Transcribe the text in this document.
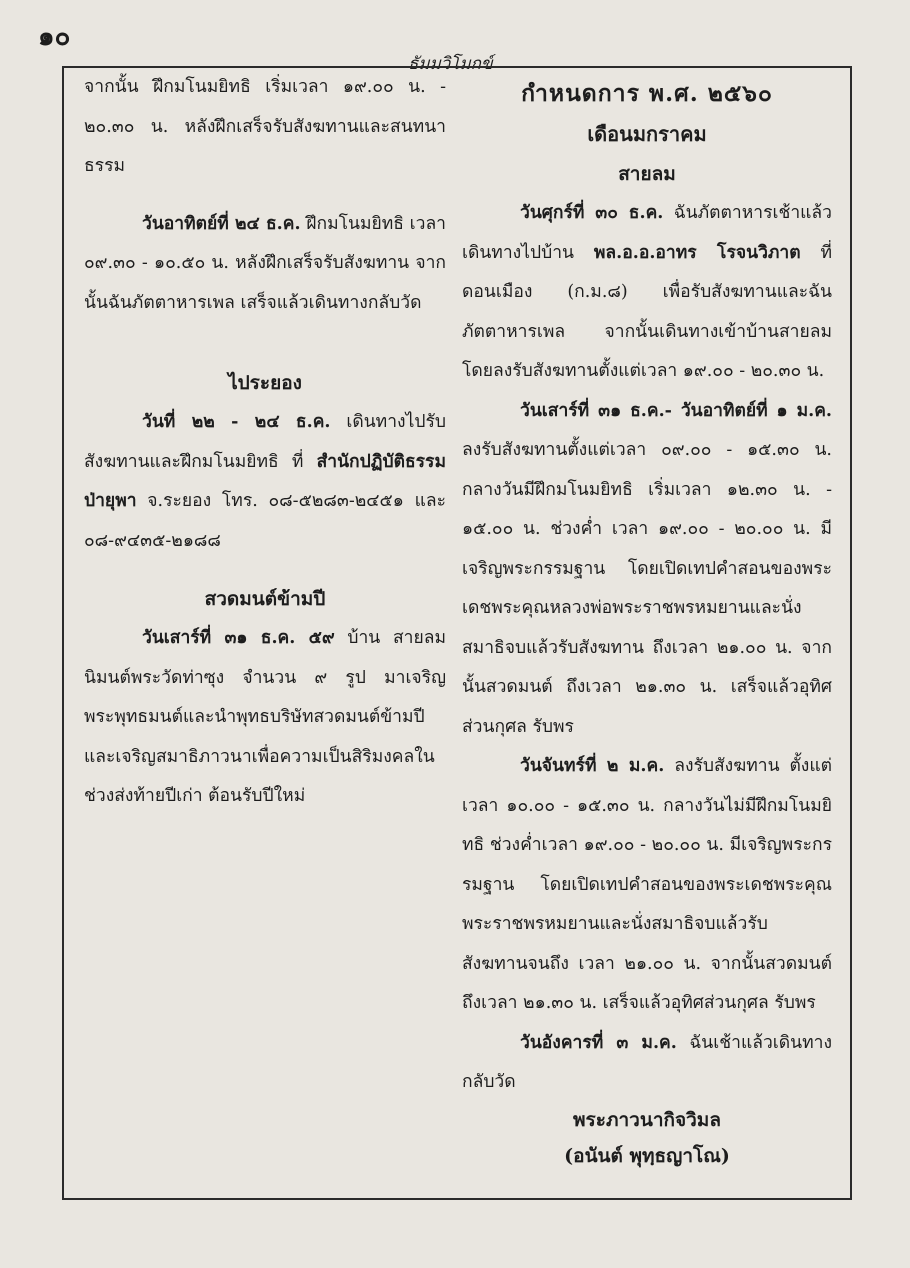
๑๐
ธัมมวิโมกข์

จากนั้น ฝึกมโนมยิทธิ เริ่มเวลา ๑๙.๐๐ น. - ๒๐.๓๐ น. หลังฝึกเสร็จรับสังฆทานและสนทนาธรรม

วันอาทิตย์ที่ ๒๔ ธ.ค. ฝึกมโนมยิทธิ เวลา ๐๙.๓๐ - ๑๐.๕๐ น. หลังฝึกเสร็จรับสังฆทาน จากนั้นฉันภัตตาหารเพล เสร็จแล้วเดินทางกลับวัด

ไประยอง

วันที่ ๒๒ - ๒๔ ธ.ค. เดินทางไปรับสังฆทานและฝึกมโนมยิทธิ ที่ สำนักปฏิบัติธรรมป่ายุพา จ.ระยอง โทร. ๐๘-๕๒๘๓-๒๔๕๑ และ ๐๘-๙๔๓๕-๒๑๘๘

สวดมนต์ข้ามปี

วันเสาร์ที่ ๓๑ ธ.ค. ๕๙ บ้าน สายลม นิมนต์พระวัดท่าซุง จำนวน ๙ รูป มาเจริญพระพุทธมนต์และนำพุทธบริษัทสวดมนต์ข้ามปี และเจริญสมาธิภาวนาเพื่อความเป็นสิริมงคลในช่วงส่งท้ายปีเก่า ต้อนรับปีใหม่

กำหนดการ พ.ศ. ๒๕๖๐

เดือนมกราคม

สายลม

วันศุกร์ที่ ๓๐ ธ.ค. ฉันภัตตาหารเช้าแล้ว เดินทางไปบ้าน พล.อ.อ.อาทร โรจนวิภาต ที่ดอนเมือง (ก.ม.๘) เพื่อรับสังฆทานและฉันภัตตาหารเพล จากนั้นเดินทางเข้าบ้านสายลม โดยลงรับสังฆทานตั้งแต่เวลา ๑๙.๐๐ - ๒๐.๓๐ น.

วันเสาร์ที่ ๓๑ ธ.ค.- วันอาทิตย์ที่ ๑ ม.ค. ลงรับสังฆทานตั้งแต่เวลา ๐๙.๐๐ - ๑๕.๓๐ น. กลางวันมีฝึกมโนมยิทธิ เริ่มเวลา ๑๒.๓๐ น. - ๑๕.๐๐ น. ช่วงค่ำ เวลา ๑๙.๐๐ - ๒๐.๐๐ น. มีเจริญพระกรรมฐาน โดยเปิดเทปคำสอนของพระเดชพระคุณหลวงพ่อพระราชพรหมยานและนั่งสมาธิจบแล้วรับสังฆทาน ถึงเวลา ๒๑.๐๐ น. จากนั้นสวดมนต์ ถึงเวลา ๒๑.๓๐ น. เสร็จแล้วอุทิศส่วนกุศล รับพร

วันจันทร์ที่ ๒ ม.ค. ลงรับสังฆทาน ตั้งแต่เวลา ๑๐.๐๐ - ๑๕.๓๐ น. กลางวันไม่มีฝึกมโนมยิทธิ ช่วงค่ำเวลา ๑๙.๐๐ - ๒๐.๐๐ น. มีเจริญพระกรรมฐาน โดยเปิดเทปคำสอนของพระเดชพระคุณพระราชพรหมยานและนั่งสมาธิจบแล้วรับสังฆทานจนถึง เวลา ๒๑.๐๐ น. จากนั้นสวดมนต์ถึงเวลา ๒๑.๓๐ น. เสร็จแล้วอุทิศส่วนกุศล รับพร

วันอังคารที่ ๓ ม.ค. ฉันเช้าแล้วเดินทางกลับวัด

พระภาวนากิจวิมล
(อนันต์ พุทฺธญาโณ)
